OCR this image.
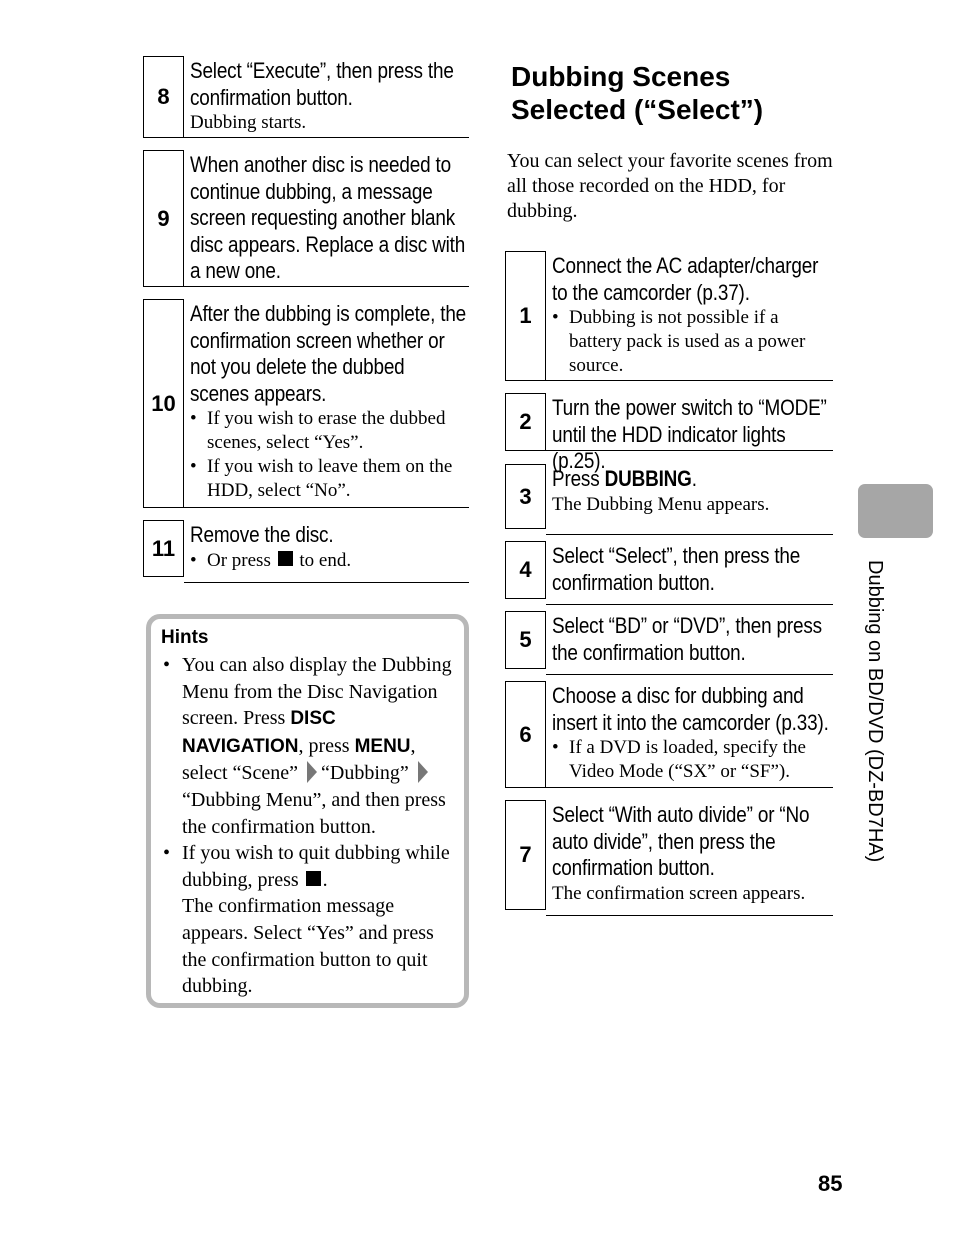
8
Select “Execute”, then press the confirmation button.
Dubbing starts.
9
When another disc is needed to continue dubbing, a message screen requesting another blank disc appears. Replace a disc with a new one.
10
After the dubbing is complete, the confirmation screen whether or not you delete the dubbed scenes appears.
• If you wish to erase the dubbed scenes, select “Yes”.
• If you wish to leave them on the HDD, select “No”.
11
Remove the disc.
• Or press to end.
Hints
• You can also display the Dubbing Menu from the Disc Navigation screen. Press DISC NAVIGATION, press MENU, select “Scene” “Dubbing”  “Dubbing Menu”, and then press the confirmation button.
• If you wish to quit dubbing while dubbing, press .
The confirmation message appears. Select “Yes” and press the confirmation button to quit dubbing.
Dubbing Scenes Selected (“Select”)
You can select your favorite scenes from all those recorded on the HDD, for dubbing.
1
Connect the AC adapter/charger to the camcorder (p.37).
• Dubbing is not possible if a battery pack is used as a power source.
2
Turn the power switch to “MODE” until the HDD indicator lights (p.25).
3
Press DUBBING.
The Dubbing Menu appears.
4
Select “Select”, then press the confirmation button.
5
Select “BD” or “DVD”, then press the confirmation button.
6
Choose a disc for dubbing and insert it into the camcorder (p.33).
• If a DVD is loaded, specify the Video Mode (“SX” or “SF”).
7
Select “With auto divide” or “No auto divide”, then press the confirmation button.
The confirmation screen appears.
Dubbing on BD/DVD (DZ-BD7HA)
85
